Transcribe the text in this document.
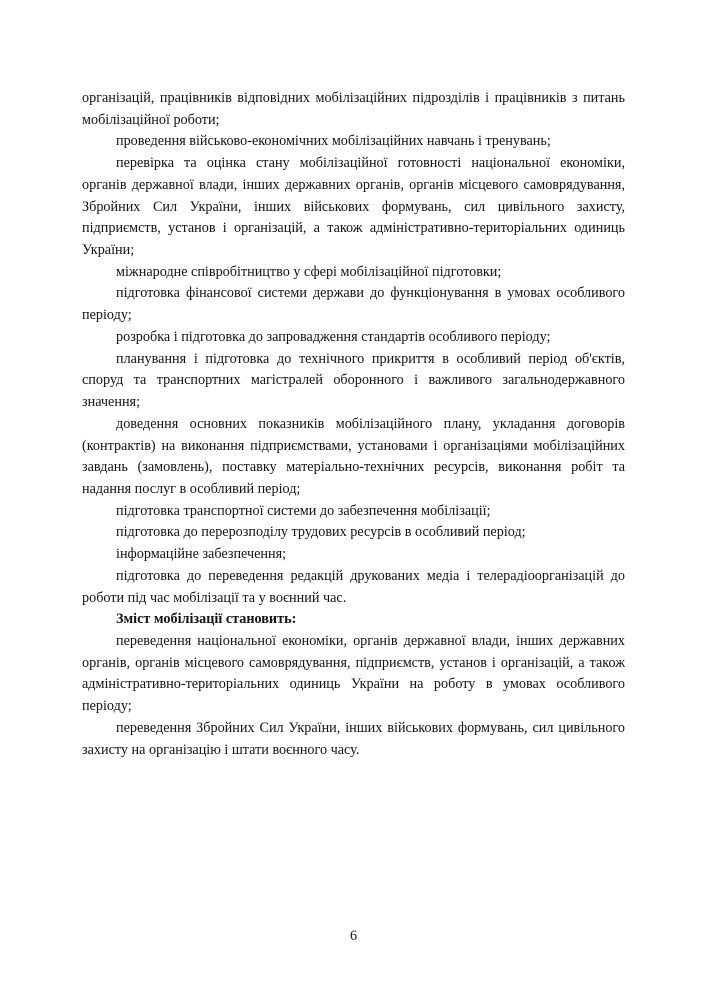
організацій, працівників відповідних мобілізаційних підрозділів і працівників з питань мобілізаційної роботи;

проведення військово-економічних мобілізаційних навчань і тренувань;

перевірка та оцінка стану мобілізаційної готовності національної економіки, органів державної влади, інших державних органів, органів місцевого самоврядування, Збройних Сил України, інших військових формувань, сил цивільного захисту, підприємств, установ і організацій, а також адміністративно-територіальних одиниць України;

міжнародне співробітництво у сфері мобілізаційної підготовки;

підготовка фінансової системи держави до функціонування в умовах особливого періоду;

розробка і підготовка до запровадження стандартів особливого періоду;

планування і підготовка до технічного прикриття в особливий період об'єктів, споруд та транспортних магістралей оборонного і важливого загальнодержавного значення;

доведення основних показників мобілізаційного плану, укладання договорів (контрактів) на виконання підприємствами, установами і організаціями мобілізаційних завдань (замовлень), поставку матеріально-технічних ресурсів, виконання робіт та надання послуг в особливий період;

підготовка транспортної системи до забезпечення мобілізації;

підготовка до перерозподілу трудових ресурсів в особливий період;

інформаційне забезпечення;

підготовка до переведення редакцій друкованих медіа і телерадіоорганізацій до роботи під час мобілізації та у воєнний час.

Зміст мобілізації становить:

переведення національної економіки, органів державної влади, інших державних органів, органів місцевого самоврядування, підприємств, установ і організацій, а також адміністративно-територіальних одиниць України на роботу в умовах особливого періоду;

переведення Збройних Сил України, інших військових формувань, сил цивільного захисту на організацію і штати воєнного часу.

6
